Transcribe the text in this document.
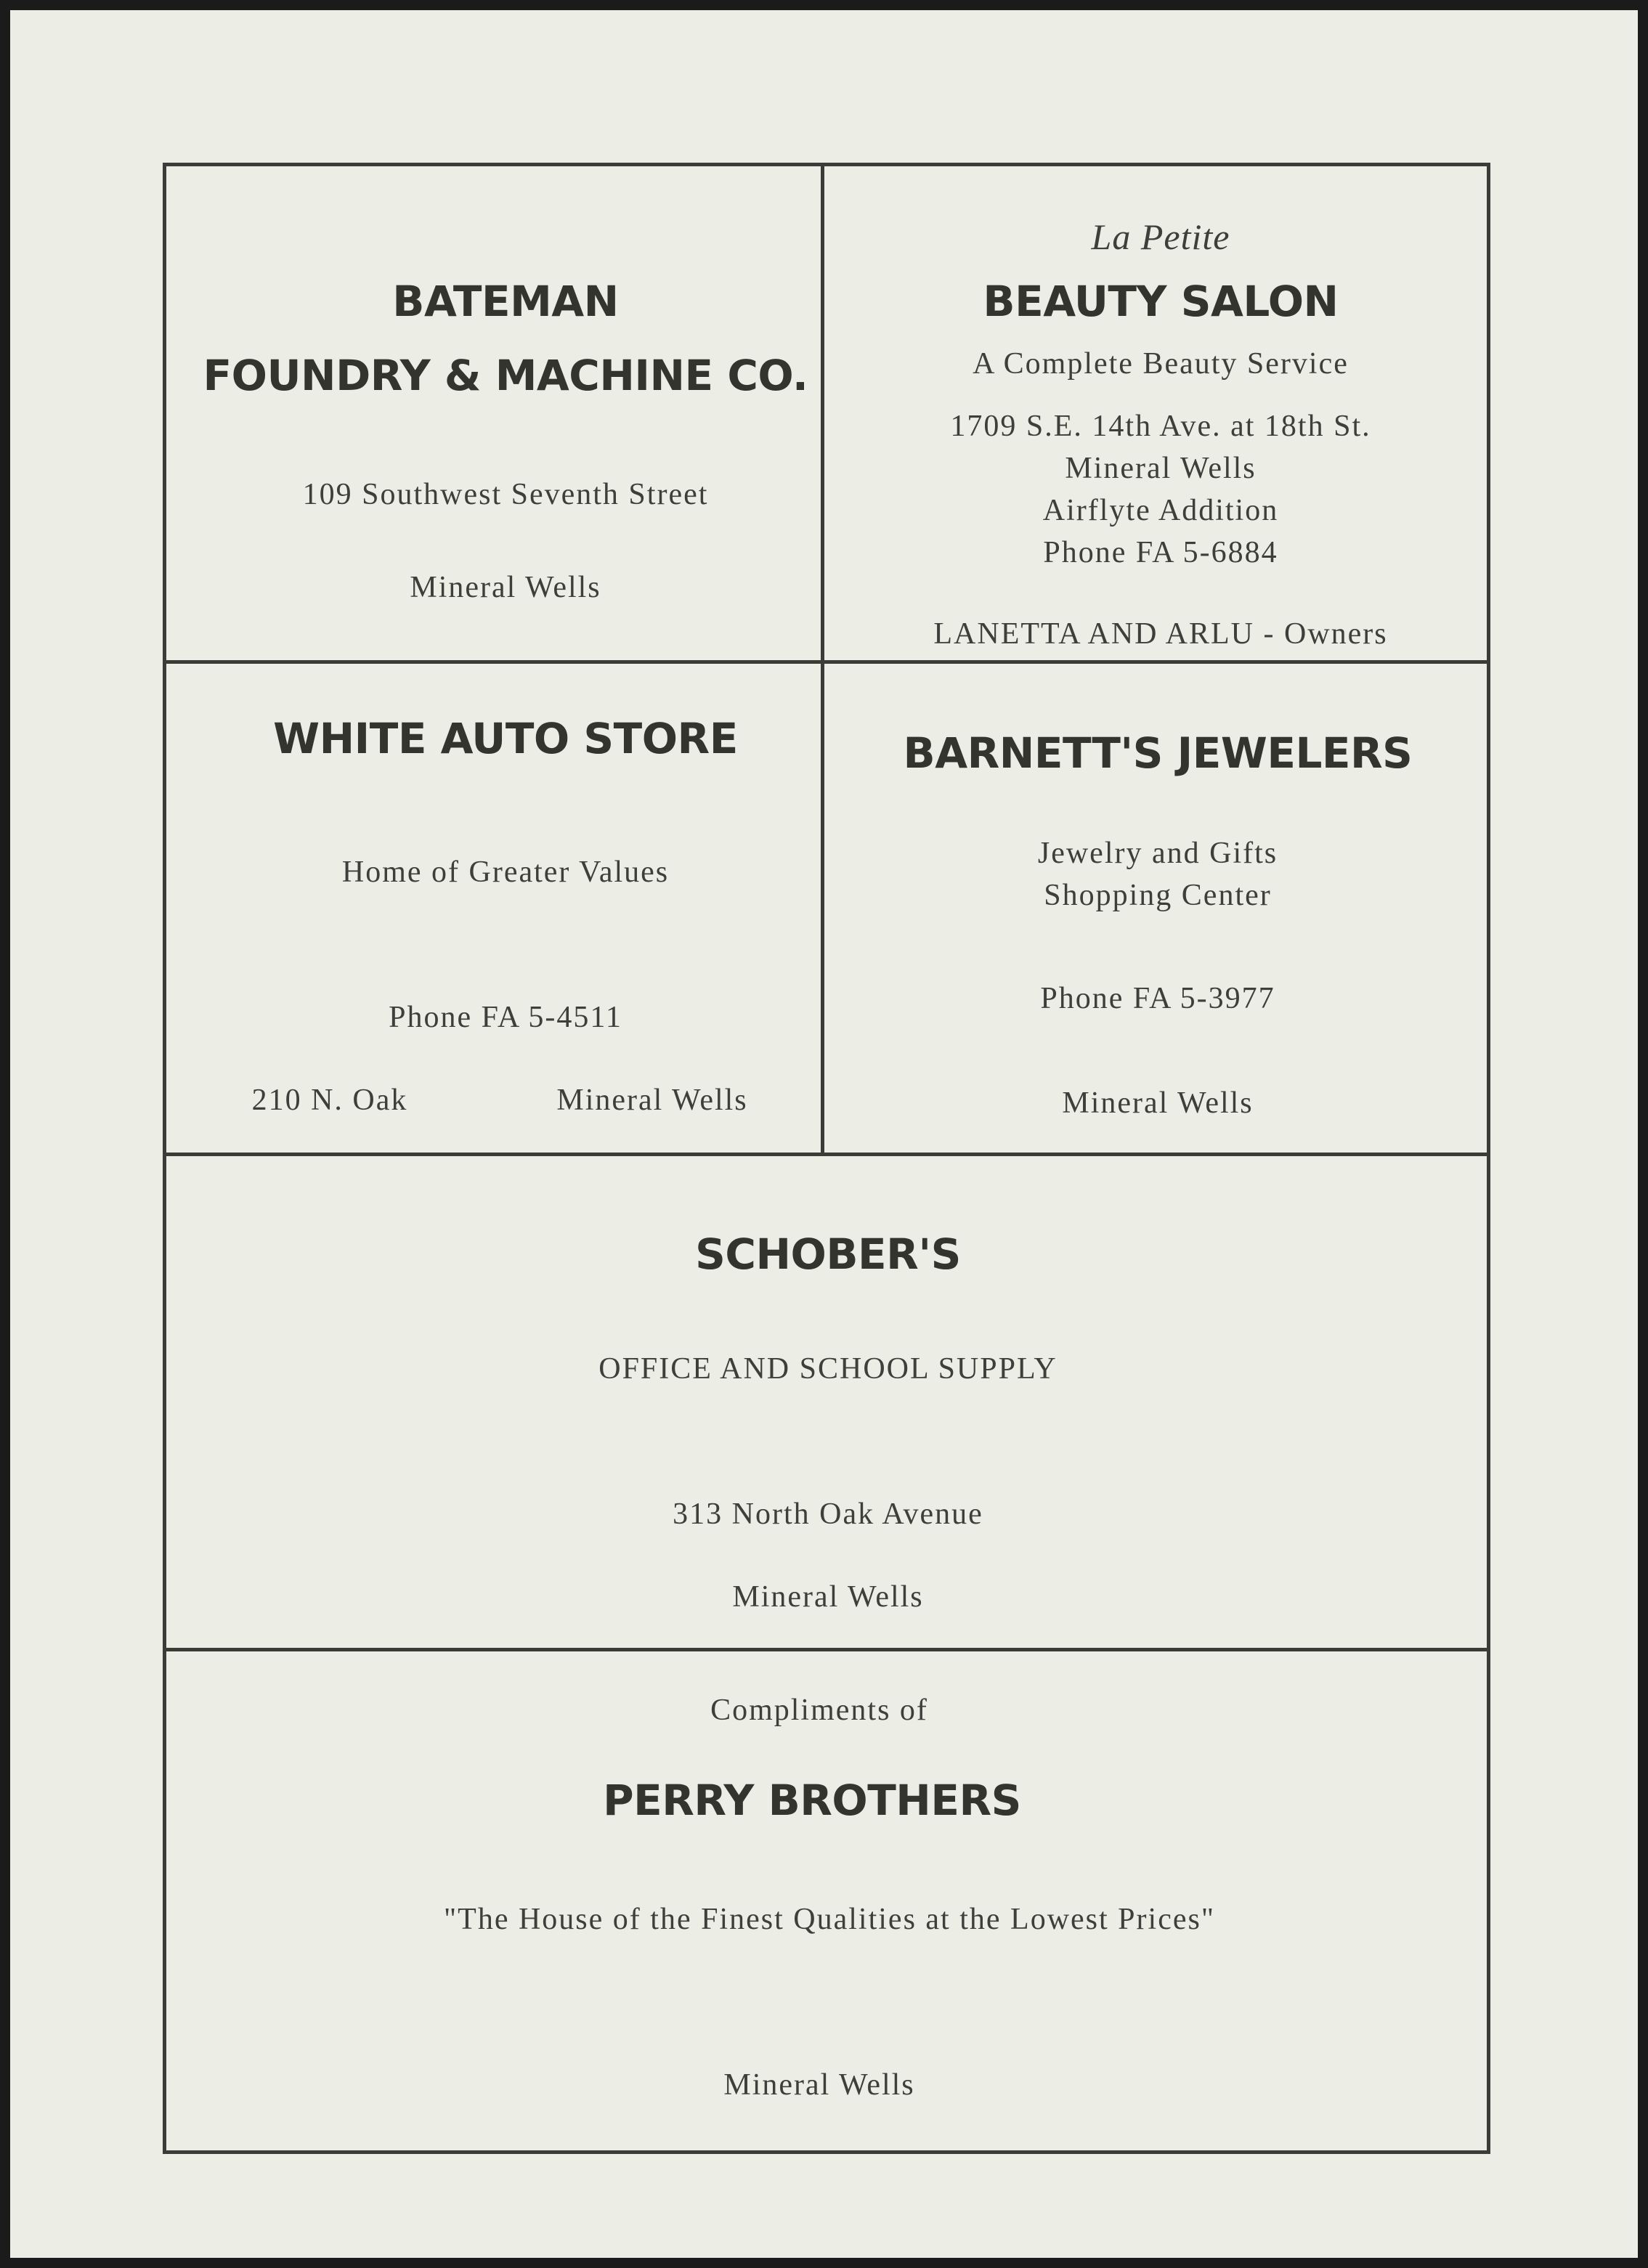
BATEMAN
FOUNDRY & MACHINE CO.
109 Southwest Seventh Street
Mineral Wells
La Petite
BEAUTY SALON
A Complete Beauty Service
1709 S.E. 14th Ave. at 18th St.
Mineral Wells
Airflyte Addition
Phone FA 5-6884
LANETTA AND ARLU - Owners
WHITE AUTO STORE
Home of Greater Values
Phone FA 5-4511
210 N. Oak	Mineral Wells
BARNETT'S JEWELERS
Jewelry and Gifts
Shopping Center
Phone FA 5-3977
Mineral Wells
SCHOBER'S
OFFICE AND SCHOOL SUPPLY
313 North Oak Avenue
Mineral Wells
Compliments of
PERRY BROTHERS
"The House of the Finest Qualities at the Lowest Prices"
Mineral Wells
